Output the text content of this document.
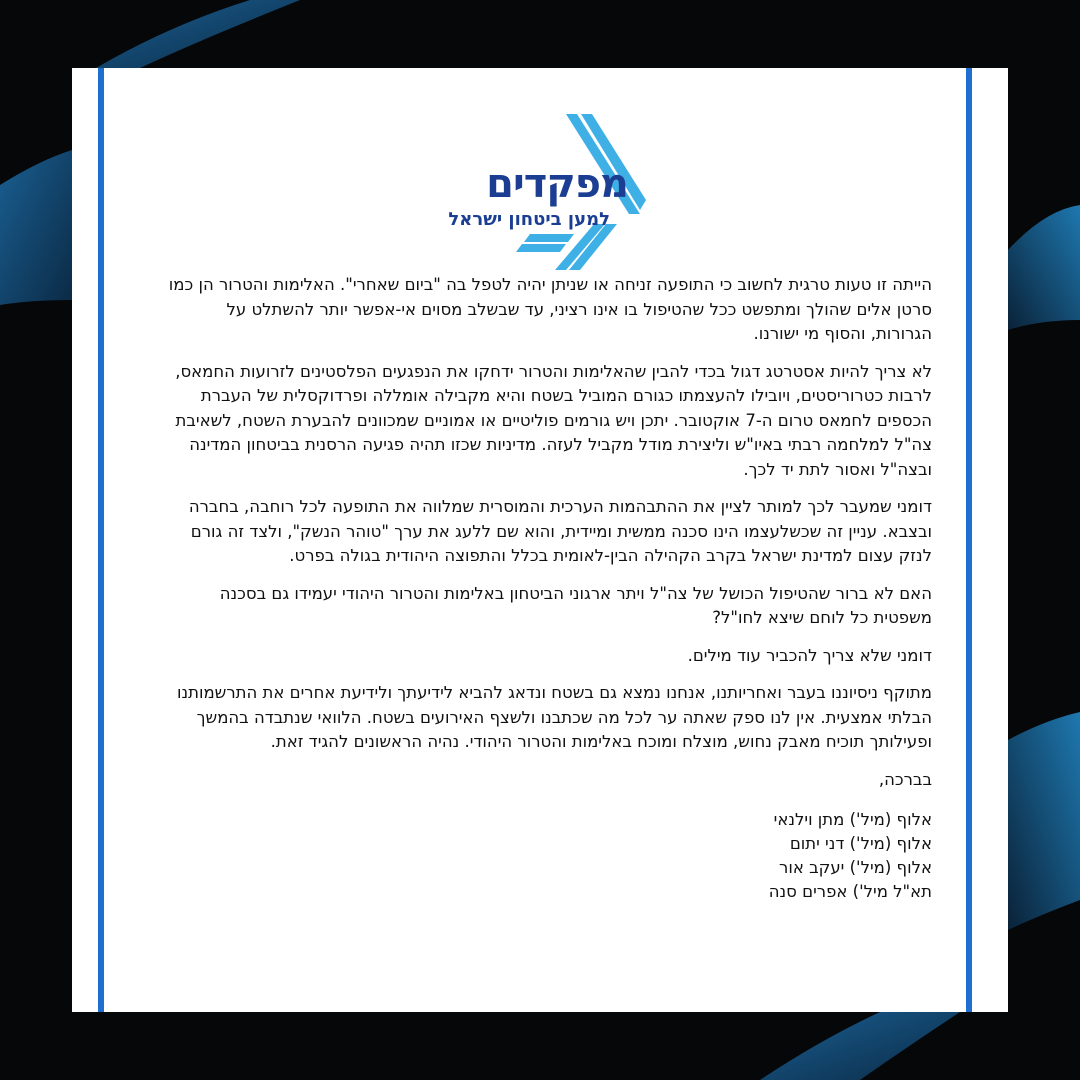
מפקדים
למען ביטחון ישראל

הייתה זו טעות טרגית לחשוב כי התופעה זניחה או שניתן יהיה לטפל בה "ביום שאחרי". האלימות והטרור הן כמו סרטן אלים שהולך ומתפשט ככל שהטיפול בו אינו רציני, עד שבשלב מסוים אי-אפשר יותר להשתלט על הגרורות, והסוף מי ישורנו.

לא צריך להיות אסטרטג דגול בכדי להבין שהאלימות והטרור ידחקו את הנפגעים הפלסטינים לזרועות החמאס, לרבות כטרוריסטים, ויובילו להעצמתו כגורם המוביל בשטח והיא מקבילה אומללה ופרדוקסלית של העברת הכספים לחמאס טרום ה-7 אוקטובר. יתכן ויש גורמים פוליטיים או אמוניים שמכוונים להבערת השטח, לשאיבת צה"ל למלחמה רבתי באיו"ש וליצירת מודל מקביל לעזה. מדיניות שכזו תהיה פגיעה הרסנית בביטחון המדינה ובצה"ל ואסור לתת יד לכך.

דומני שמעבר לכך למותר לציין את ההתבהמות הערכית והמוסרית שמלווה את התופעה לכל רוחבה, בחברה ובצבא. עניין זה שכשלעצמו הינו סכנה ממשית ומיידית, והוא שם ללעג את ערך "טוהר הנשק", ולצד זה גורם לנזק עצום למדינת ישראל בקרב הקהילה הבין-לאומית בכלל והתפוצה היהודית בגולה בפרט.

האם לא ברור שהטיפול הכושל של צה"ל ויתר ארגוני הביטחון באלימות והטרור היהודי יעמידו גם בסכנה משפטית כל לוחם שיצא לחו"ל?

דומני שלא צריך להכביר עוד מילים.

מתוקף ניסיוננו בעבר ואחריותנו, אנחנו נמצא גם בשטח ונדאג להביא לידיעתך ולידיעת אחרים את התרשמותנו הבלתי אמצעית. אין לנו ספק שאתה ער לכל מה שכתבנו ולשצף האירועים בשטח. הלוואי שנתבדה בהמשך ופעילותך תוכיח מאבק נחוש, מוצלח ומוכח באלימות והטרור היהודי. נהיה הראשונים להגיד זאת.

בברכה,
אלוף (מיל') מתן וילנאי
אלוף (מיל') דני יתום
אלוף (מיל') יעקב אור
תא"ל מיל') אפרים סנה
